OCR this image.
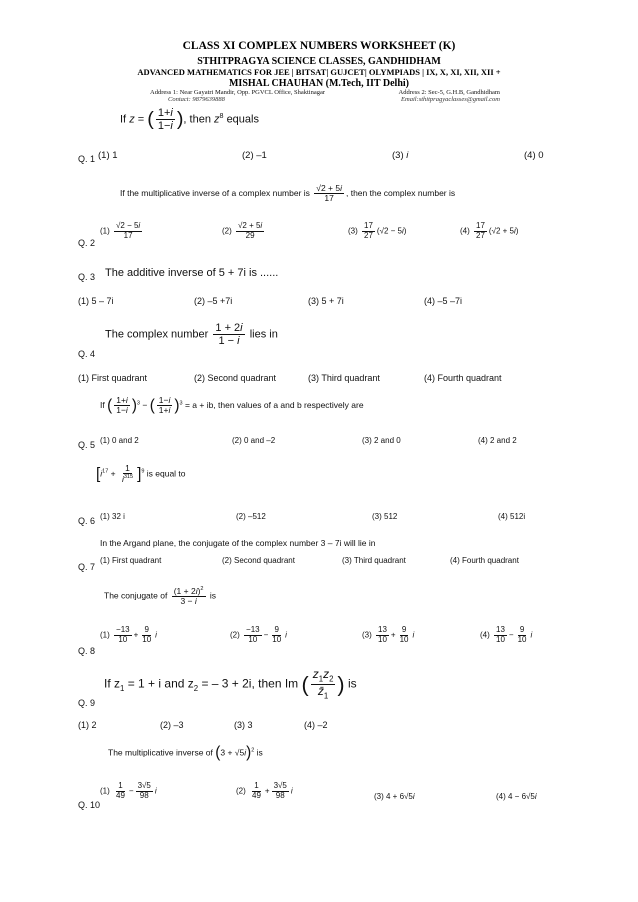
CLASS XI COMPLEX NUMBERS WORKSHEET (K)
STHITPRAGYA SCIENCE CLASSES, GANDHIDHAM
ADVANCED MATHEMATICS FOR JEE | BITSAT| GUJCET| OLYMPIADS | IX, X, XI, XII, XII +
MISHAL CHAUHAN (M.Tech, IIT Delhi)
Address 1: Near Gayatri Mandir, Opp. PGVCL Office, Shaktinagar	Address 2: Sec-5, G.H.B, Gandhidham
Contact: 9879639888	Email:sthitpragyaclasses@gmail.com
If z = ( $\frac{1+i}{1-i}$ ), then $z^8$ equals
Q. 1 (1) 1	(2) –1	(3) i	(4) 0
If the multiplicative inverse of a complex number is $\frac{√2 + 5i}{17}$ , then the complex number is
Q. 2
$(1) \frac{√2 - 5i}{17}$	$(2) \frac{√2 + 5i}{29}$	$(3) \frac{17}{27} (√2 - 5i)$	$(4) \frac{17}{27} (√2 + 5i)$
Q. 3 The additive inverse of 5 + 7i is ......
(1) 5 – 7i	(2) –5 +7i	(3) 5 + 7i	(4) –5 –7i
The complex number $\frac{1 + 2i}{1 - i}$ lies in
Q. 4
(1) First quadrant	(2) Second quadrant	(3) Third quadrant	(4) Fourth quadrant
If ( $\frac{1+i}{1-i} )^3$ − ( $\frac{1-i}{1+i} )^3 = a$ + ib, then values of a and b respectively are
Q. 5 (1) 0 and 2	(2) 0 and –2	(3) 2 and 0	(4) 2 and 2
$[i^{17} + \frac{1}{i^{315}} ]^9$ is equal to
Q. 6 (1) 32 i	(2) –512	(3) 512	(4) 512i
In the Argand plane, the conjugate of the complex number 3 – 7i will lie in
Q. 7
(1) First quadrant	(2) Second quadrant	(3) Third quadrant	(4) Fourth quadrant
The conjugate of $\frac{(1 + 2i)^2}{3 - i}$ is
Q. 8
$(1) \frac{-13}{10} + \frac{9}{10}$ i	$(2) \frac{-13}{10} - \frac{9}{10}$ i	$(3) \frac{13}{10} + \frac{9}{10}$ i	$(4) \frac{13}{10} - \frac{9}{10}$ i
If $z_1 = 1 + i$ and $z_2$ = – 3 + 2i, then Im ( $\frac{z_1z_2}{z̄_1}$ ) is
Q. 9
(1) 2	(2) –3	(3) 3	(4) –2
The multiplicative inverse of $(3 + √5i)^2$ is
Q. 10
$(1) \frac{1}{49} - \frac{3√5}{98}$ i	$(2) \frac{1}{49} + \frac{3√5}{98}$ i
(3) 4 + 6√5i	(4) 4 − 6√5i
